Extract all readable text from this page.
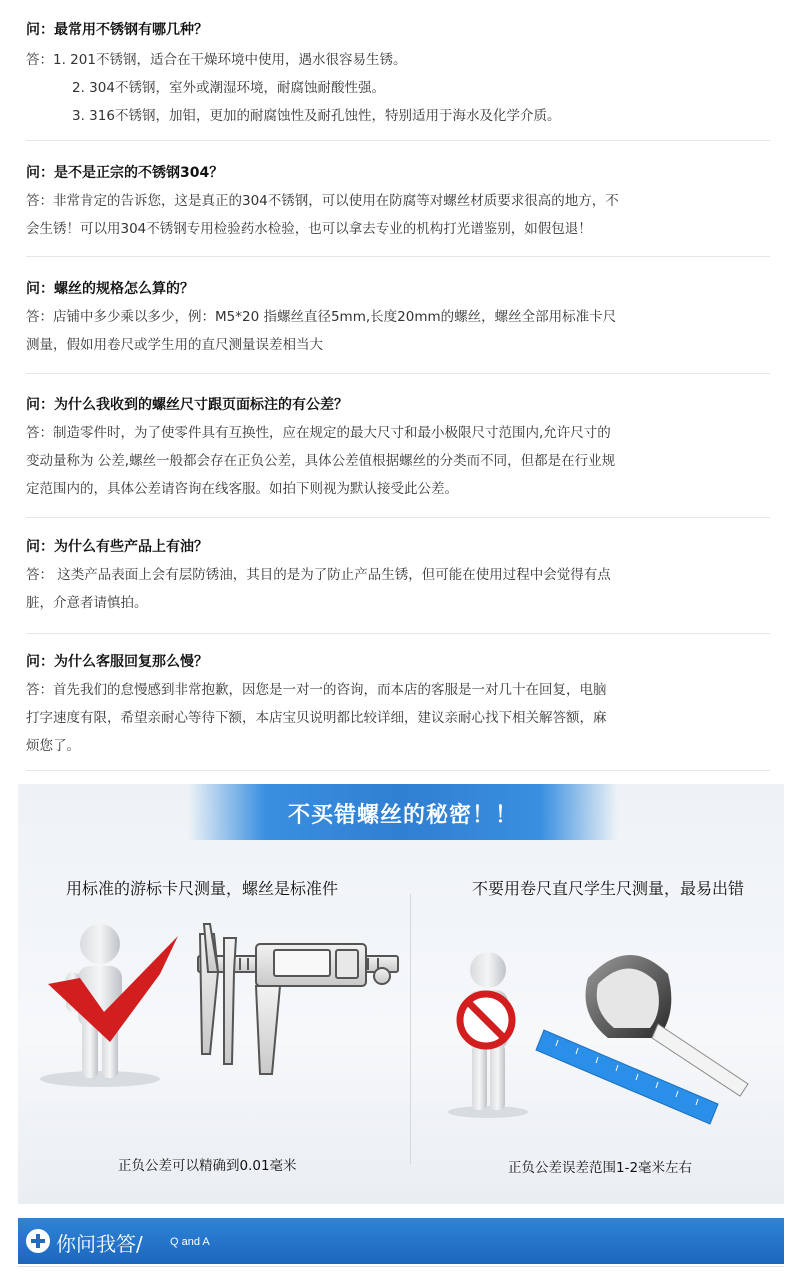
问：最常用不锈钢有哪几种？

答：1. 201不锈钢，适合在干燥环境中使用，遇水很容易生锈。

2. 304不锈钢，室外或潮湿环境，耐腐蚀耐酸性强。

3. 316不锈钢，加钼，更加的耐腐蚀性及耐孔蚀性，特别适用于海水及化学介质。

问：是不是正宗的不锈钢304？

答：非常肯定的告诉您，这是真正的304不锈钢，可以使用在防腐等对螺丝材质要求很高的地方，不

会生锈！可以用304不锈钢专用检验药水检验，也可以拿去专业的机构打光谱鉴别，如假包退！

问：螺丝的规格怎么算的？

答：店铺中多少乘以多少，例：M5*20 指螺丝直径5mm,长度20mm的螺丝，螺丝全部用标准卡尺

测量，假如用卷尺或学生用的直尺测量误差相当大

问：为什么我收到的螺丝尺寸跟页面标注的有公差？

答：制造零件时，为了使零件具有互换性，应在规定的最大尺寸和最小极限尺寸范围内,允许尺寸的

变动量称为 公差,螺丝一般都会存在正负公差，具体公差值根据螺丝的分类而不同，但都是在行业规

定范围内的，具体公差请咨询在线客服。如拍下则视为默认接受此公差。

问：为什么有些产品上有油？

答： 这类产品表面上会有层防锈油，其目的是为了防止产品生锈，但可能在使用过程中会觉得有点

脏，介意者请慎拍。

问：为什么客服回复那么慢？

答：首先我们的怠慢感到非常抱歉，因您是一对一的咨询，而本店的客服是一对几十在回复，电脑

打字速度有限，希望亲耐心等待下额，本店宝贝说明都比较详细，建议亲耐心找下相关解答额，麻

烦您了。

不买错螺丝的秘密！！
用标准的游标卡尺测量，螺丝是标准件	不要用卷尺直尺学生尺测量，最易出错
正负公差可以精确到0.01毫米	正负公差误差范围1-2毫米左右
你问我答/ Q and A
